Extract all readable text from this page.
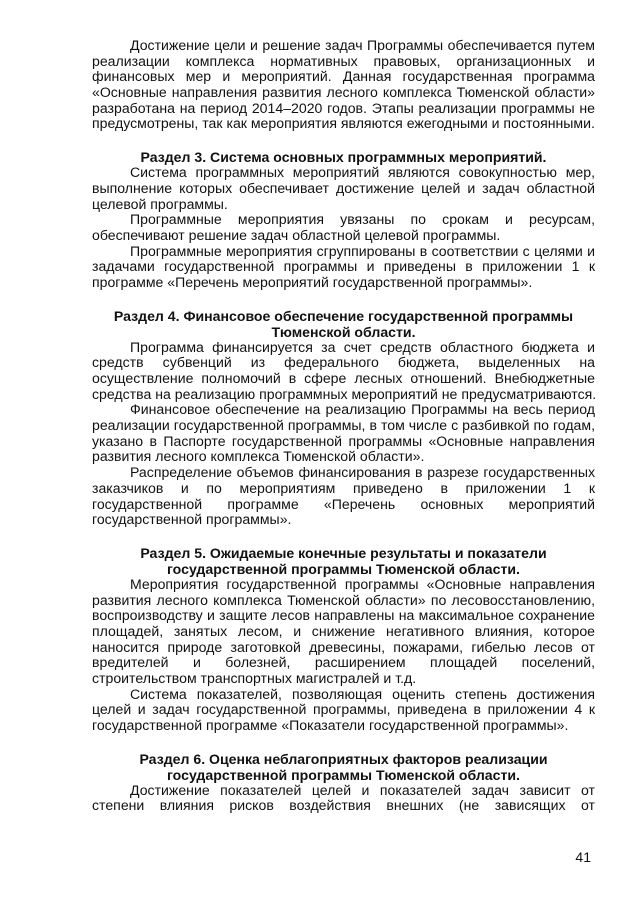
Достижение цели и решение задач Программы обеспечивается путем
реализации комплекса нормативных правовых, организационных и
финансовых мер и мероприятий. Данная государственная программа
«Основные направления развития лесного комплекса Тюменской области»
разработана на период 2014–2020 годов. Этапы реализации программы не
предусмотрены, так как мероприятия являются ежегодными и постоянными.
Раздел 3. Система основных программных мероприятий.
Система программных мероприятий являются совокупностью мер,
выполнение которых обеспечивает достижение целей и задач областной
целевой программы.
Программные мероприятия увязаны по срокам и ресурсам,
обеспечивают решение задач областной целевой программы.
Программные мероприятия сгруппированы в соответствии с целями и
задачами государственной программы и приведены в приложении 1 к
программе «Перечень мероприятий государственной программы».
Раздел 4. Финансовое обеспечение государственной программы
Тюменской области.
Программа финансируется за счет средств областного бюджета и
средств субвенций из федерального бюджета, выделенных на
осуществление полномочий в сфере лесных отношений. Внебюджетные
средства на реализацию программных мероприятий не предусматриваются.
Финансовое обеспечение на реализацию Программы на весь период
реализации государственной программы, в том числе с разбивкой по годам,
указано в Паспорте государственной программы «Основные направления
развития лесного комплекса Тюменской области».
Распределение объемов финансирования в разрезе государственных
заказчиков и по мероприятиям приведено в приложении 1 к
государственной программе «Перечень основных мероприятий
государственной программы».
Раздел 5. Ожидаемые конечные результаты и показатели
государственной программы Тюменской области.
Мероприятия государственной программы «Основные направления
развития лесного комплекса Тюменской области» по лесовосстановлению,
воспроизводству и защите лесов направлены на максимальное сохранение
площадей, занятых лесом, и снижение негативного влияния, которое
наносится природе заготовкой древесины, пожарами, гибелью лесов от
вредителей и болезней, расширением площадей поселений,
строительством транспортных магистралей и т.д.
Система показателей, позволяющая оценить степень достижения
целей и задач государственной программы, приведена в приложении 4 к
государственной программе «Показатели государственной программы».
Раздел 6. Оценка неблагоприятных факторов реализации
государственной программы Тюменской области.
Достижение показателей целей и показателей задач зависит от
степени влияния рисков воздействия внешних (не зависящих от
41
